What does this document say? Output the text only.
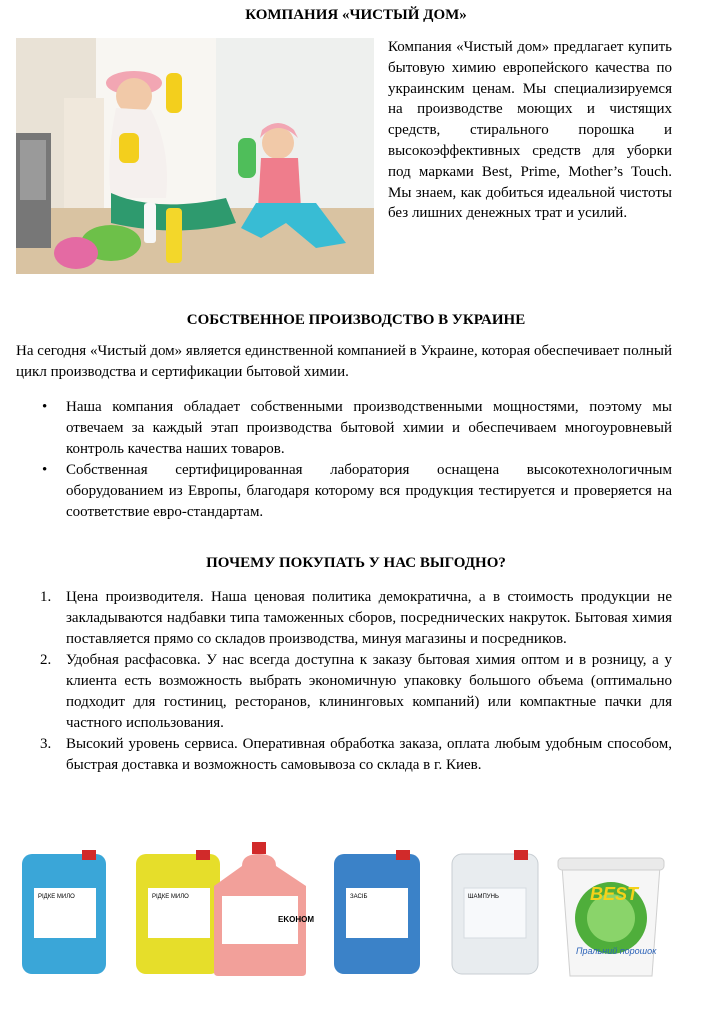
КОМПАНИЯ «ЧИСТЫЙ ДОМ»
Компания «Чистый дом» предлагает купить бытовую химию европейского качества по украинским ценам. Мы специализируемся на производстве моющих и чистящих средств, стирального порошка и высокоэффективных средств для уборки под марками Best, Prime, Mother’s Touch. Мы знаем, как добиться идеальной чистоты без лишних денежных трат и усилий.
СОБСТВЕННОЕ ПРОИЗВОДСТВО В УКРАИНЕ
На сегодня «Чистый дом» является единственной компанией в Украине, которая обеспечивает полный цикл производства и сертификации бытовой химии.
• Наша компания обладает собственными производственными мощностями, поэтому мы отвечаем за каждый этап производства бытовой химии и обеспечиваем многоуровневый контроль качества наших товаров.
• Собственная сертифицированная лаборатория оснащена высокотехнологичным оборудованием из Европы, благодаря которому вся продукция тестируется и проверяется на соответствие евро-стандартам.
ПОЧЕМУ ПОКУПАТЬ У НАС ВЫГОДНО?
1. Цена производителя. Наша ценовая политика демократична, а в стоимость продукции не закладываются надбавки типа таможенных сборов, посреднических накруток. Бытовая химия поставляется прямо со складов производства, минуя магазины и посредников.
2. Удобная расфасовка. У нас всегда доступна к заказу бытовая химия оптом и в розницу, а у клиента есть возможность выбрать экономичную упаковку большого объема (оптимально подходит для гостиниц, ресторанов, клининговых компаний) или компактные пачки для частного использования.
3. Высокий уровень сервиса. Оперативная обработка заказа, оплата любым удобным способом, быстрая доставка и возможность самовывоза со склада в г. Киев.
РІДКЕ МИЛО	РІДКЕ МИЛО
EKOHOM
ЗАСІБ	ШАМПУНЬ	BEST
Пральний порошок
